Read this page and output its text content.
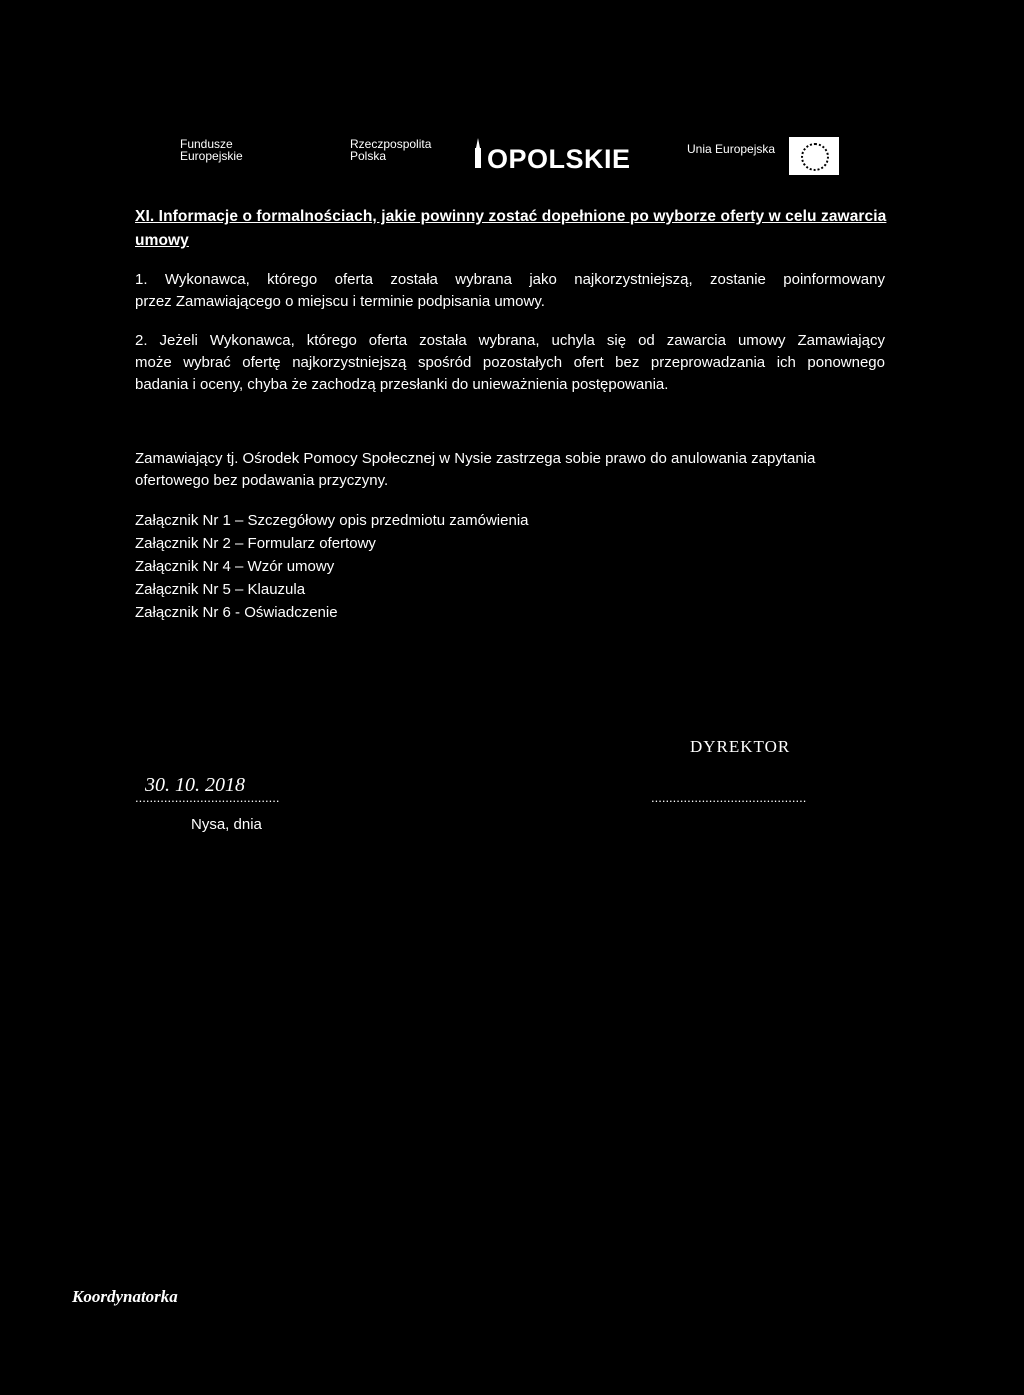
Fundusze
Europejskie
Rzeczpospolita
Polska	OPOLSKIE	Unia Europejska
XI. Informacje o formalnościach, jakie powinny zostać dopełnione po wyborze oferty w celu zawarcia
umowy
1. Wykonawca, którego oferta została wybrana jako najkorzystniejszą, zostanie poinformowany
przez Zamawiającego o miejscu i terminie podpisania umowy.
2. Jeżeli Wykonawca, którego oferta została wybrana, uchyla się od zawarcia umowy Zamawiający
może wybrać ofertę najkorzystniejszą spośród pozostałych ofert bez przeprowadzania ich ponownego
badania i oceny, chyba że zachodzą przesłanki do unieważnienia postępowania.
Zamawiający tj. Ośrodek Pomocy Społecznej w Nysie zastrzega sobie prawo do anulowania zapytania
ofertowego bez podawania przyczyny.
Załącznik Nr 1 – Szczegółowy opis przedmiotu zamówienia
Załącznik Nr 2 – Formularz ofertowy
Załącznik Nr 4 – Wzór umowy
Załącznik Nr 5 – Klauzula
Załącznik Nr 6 - Oświadczenie
DYREKTOR
30. 10. 2018
........................................	...........................................
Nysa, dnia
Koordynatorka
